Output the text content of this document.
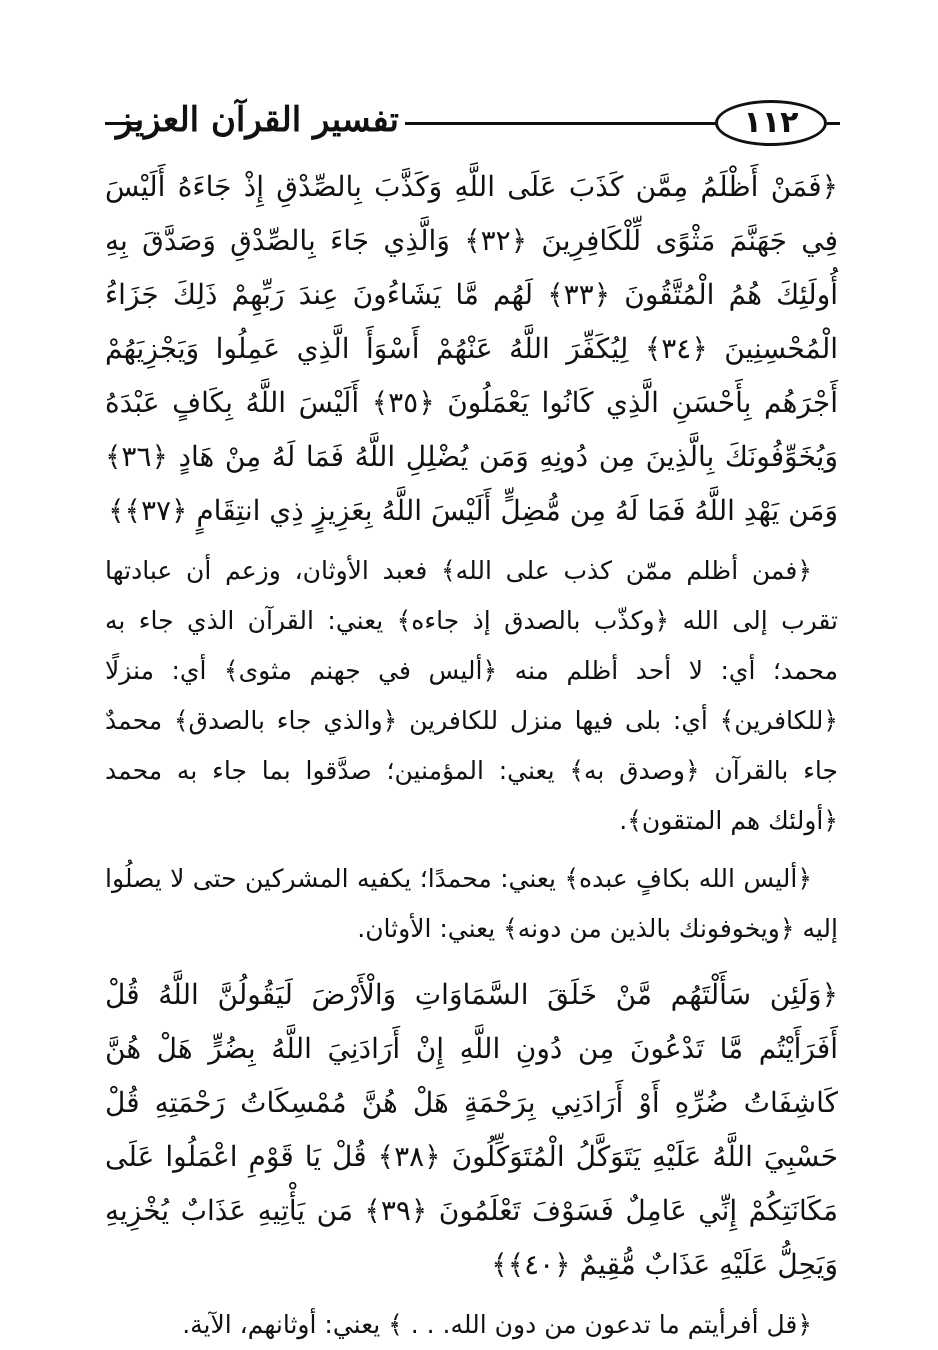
تفسير القرآن العزيز	١١٢

﴿فَمَنْ أَظْلَمُ مِمَّن كَذَبَ عَلَى اللَّهِ وَكَذَّبَ بِالصِّدْقِ إِذْ جَاءَهُ أَلَيْسَ فِي جَهَنَّمَ مَثْوًى لِّلْكَافِرِينَ ﴿٣٢﴾ وَالَّذِي جَاءَ بِالصِّدْقِ وَصَدَّقَ بِهِ أُولَئِكَ هُمُ الْمُتَّقُونَ ﴿٣٣﴾ لَهُم مَّا يَشَاءُونَ عِندَ رَبِّهِمْ ذَلِكَ جَزَاءُ الْمُحْسِنِينَ ﴿٣٤﴾ لِيُكَفِّرَ اللَّهُ عَنْهُمْ أَسْوَأَ الَّذِي عَمِلُوا وَيَجْزِيَهُمْ أَجْرَهُم بِأَحْسَنِ الَّذِي كَانُوا يَعْمَلُونَ ﴿٣٥﴾ أَلَيْسَ اللَّهُ بِكَافٍ عَبْدَهُ وَيُخَوِّفُونَكَ بِالَّذِينَ مِن دُونِهِ وَمَن يُضْلِلِ اللَّهُ فَمَا لَهُ مِنْ هَادٍ ﴿٣٦﴾ وَمَن يَهْدِ اللَّهُ فَمَا لَهُ مِن مُّضِلٍّ أَلَيْسَ اللَّهُ بِعَزِيزٍ ذِي انتِقَامٍ ﴿٣٧﴾﴾

﴿فمن أظلم ممّن كذب على الله﴾ فعبد الأوثان، وزعم أن عبادتها تقرب إلى الله ﴿وكذّب بالصدق إذ جاءه﴾ يعني: القرآن الذي جاء به محمد؛ أي: لا أحد أظلم منه ﴿أليس في جهنم مثوى﴾ أي: منزلًا ﴿للكافرين﴾ أي: بلى فيها منزل للكافرين ﴿والذي جاء بالصدق﴾ محمدٌ جاء بالقرآن ﴿وصدق به﴾ يعني: المؤمنين؛ صدَّقوا بما جاء به محمد ﴿أولئك هم المتقون﴾.

﴿أليس الله بكافٍ عبده﴾ يعني: محمدًا؛ يكفيه المشركين حتى لا يصلُوا إليه ﴿ويخوفونك بالذين من دونه﴾ يعني: الأوثان.

﴿وَلَئِن سَأَلْتَهُم مَّنْ خَلَقَ السَّمَاوَاتِ وَالْأَرْضَ لَيَقُولُنَّ اللَّهُ قُلْ أَفَرَأَيْتُم مَّا تَدْعُونَ مِن دُونِ اللَّهِ إِنْ أَرَادَنِيَ اللَّهُ بِضُرٍّ هَلْ هُنَّ كَاشِفَاتُ ضُرِّهِ أَوْ أَرَادَنِي بِرَحْمَةٍ هَلْ هُنَّ مُمْسِكَاتُ رَحْمَتِهِ قُلْ حَسْبِيَ اللَّهُ عَلَيْهِ يَتَوَكَّلُ الْمُتَوَكِّلُونَ ﴿٣٨﴾ قُلْ يَا قَوْمِ اعْمَلُوا عَلَى مَكَانَتِكُمْ إِنِّي عَامِلٌ فَسَوْفَ تَعْلَمُونَ ﴿٣٩﴾ مَن يَأْتِيهِ عَذَابٌ يُخْزِيهِ وَيَحِلُّ عَلَيْهِ عَذَابٌ مُّقِيمٌ ﴿٤٠﴾﴾

﴿قل أفرأيتم ما تدعون من دون الله. . . ﴾ يعني: أوثانهم، الآية.
